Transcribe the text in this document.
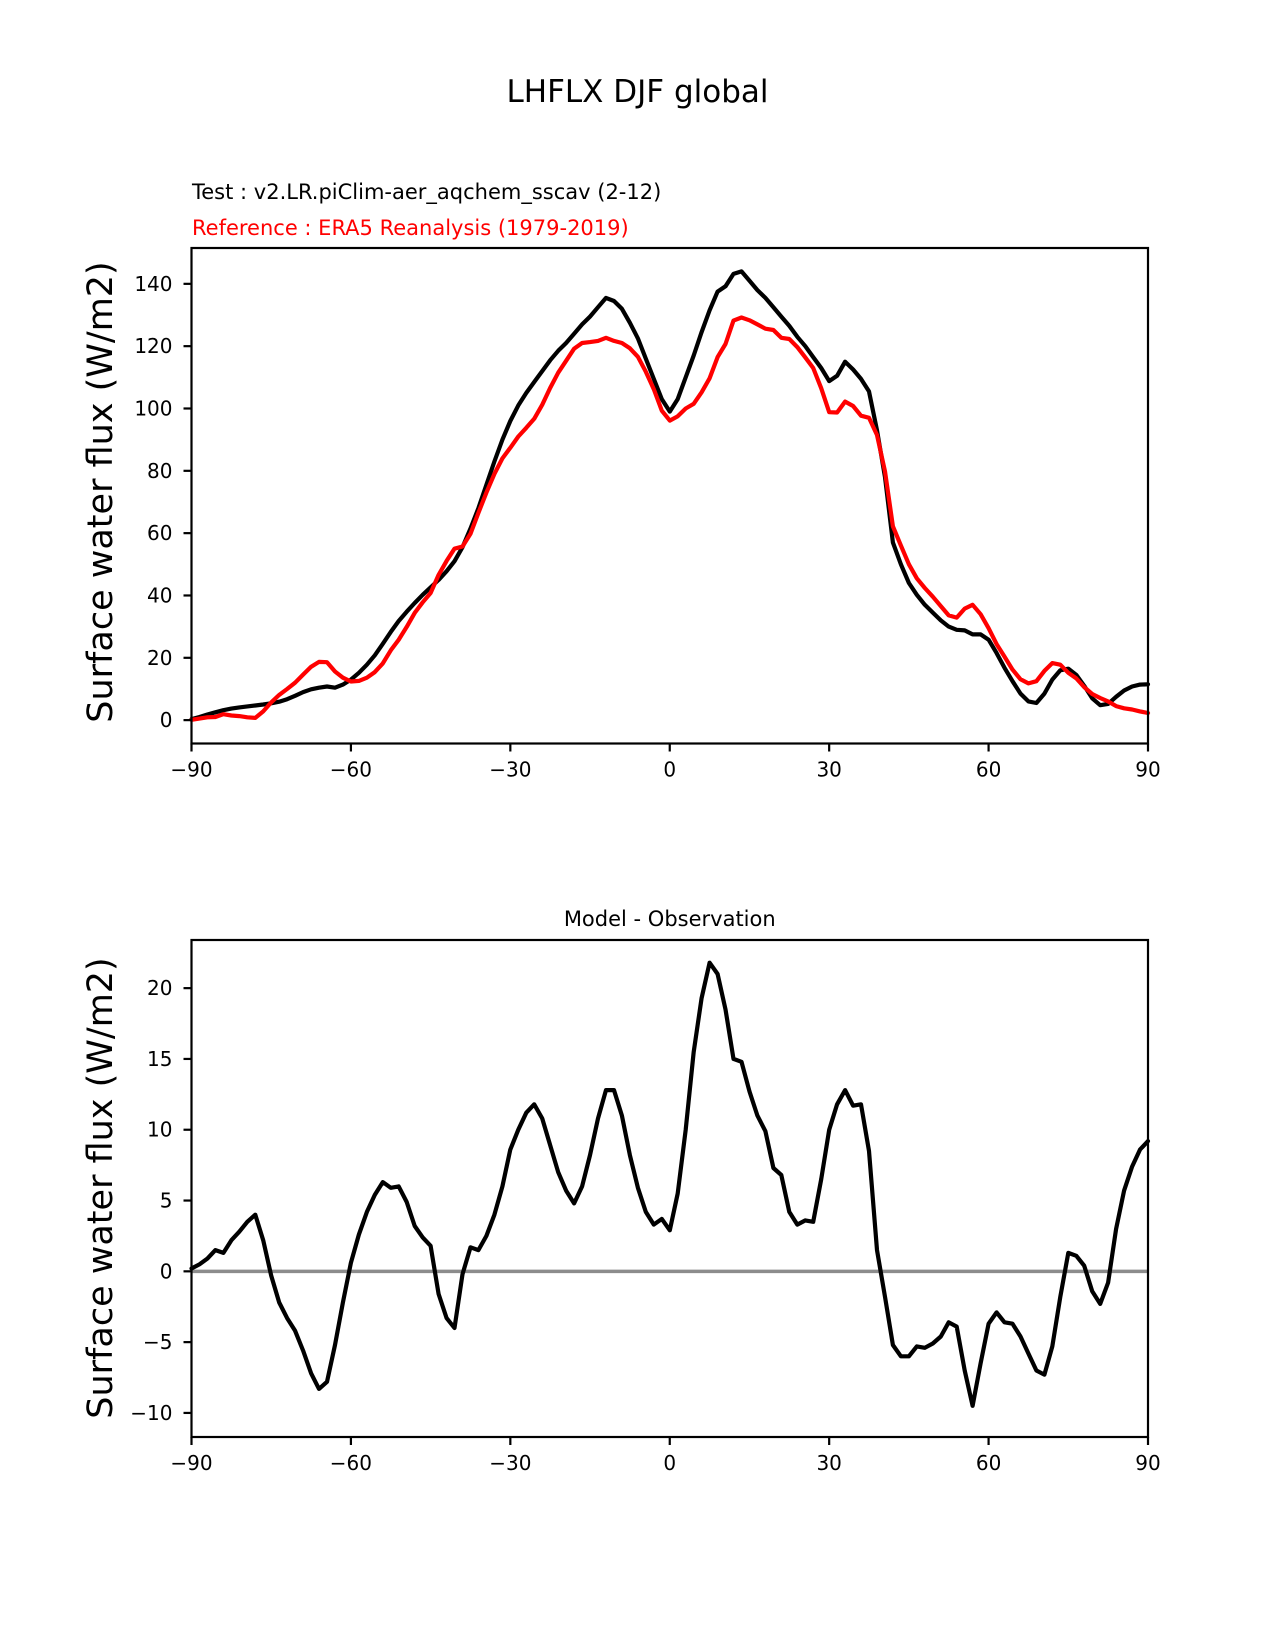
LHFLX DJF global
Test : v2.LR.piClim-aer_aqchem_sscav (2-12)
Reference : ERA5 Reanalysis (1979-2019)
Surface water flux (W/m2)
Surface water flux (W/m2)
−90	−60	−30	0	30	60	90
0
20
40
60
80
100
120
140
−90	−60	−30	0	30	60	90
−10
−5
0
5
10
15
20
Model - Observation
